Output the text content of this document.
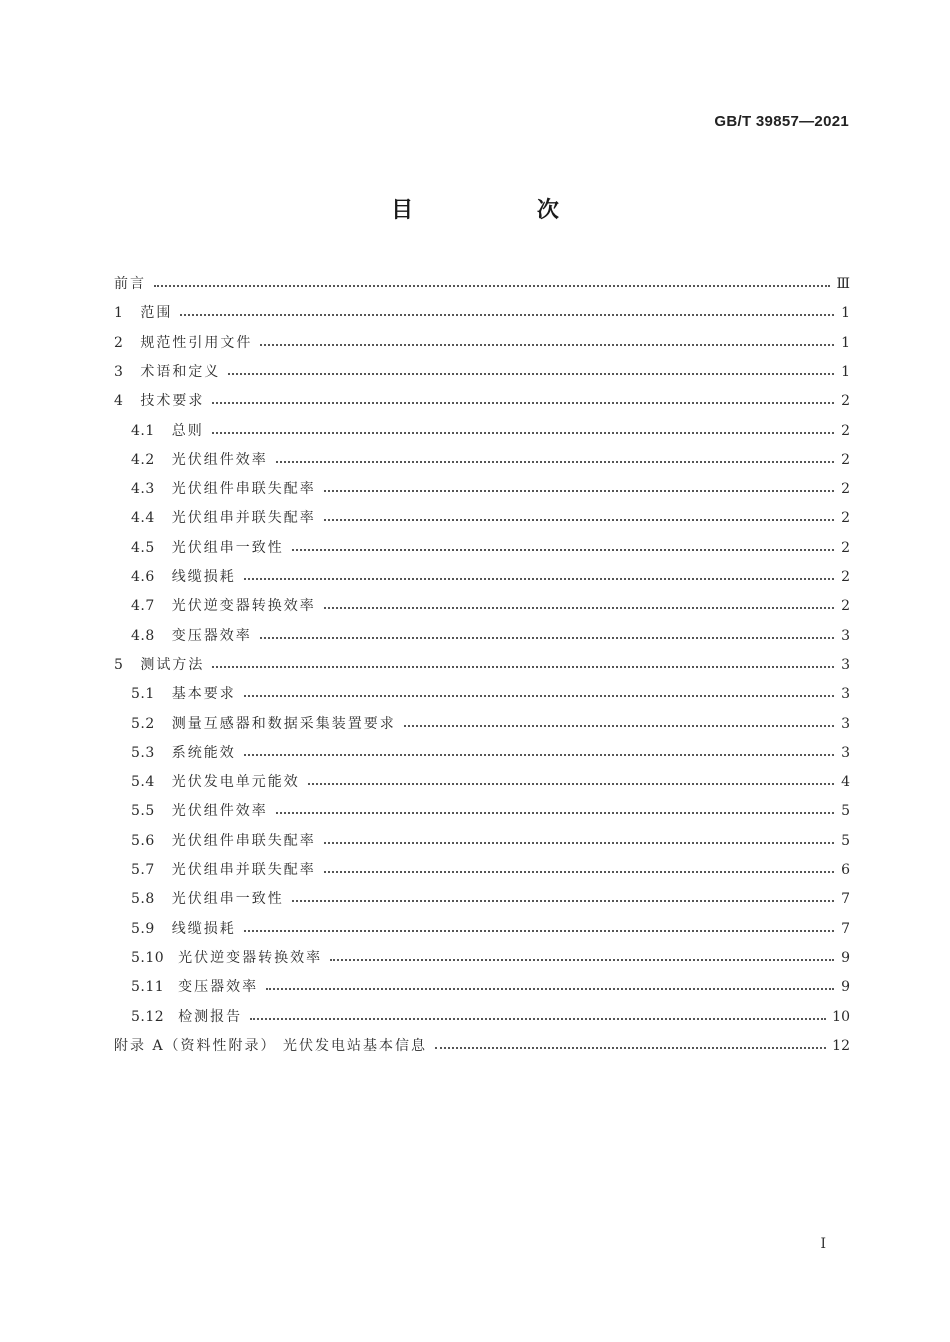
GB/T 39857—2021
目 次
前言	Ⅲ
1 范围	1
2 规范性引用文件	1
3 术语和定义	1
4 技术要求	2
4.1 总则	2
4.2 光伏组件效率	2
4.3 光伏组件串联失配率	2
4.4 光伏组串并联失配率	2
4.5 光伏组串一致性	2
4.6 线缆损耗	2
4.7 光伏逆变器转换效率	2
4.8 变压器效率	3
5 测试方法	3
5.1 基本要求	3
5.2 测量互感器和数据采集装置要求	3
5.3 系统能效	3
5.4 光伏发电单元能效	4
5.5 光伏组件效率	5
5.6 光伏组件串联失配率	5
5.7 光伏组串并联失配率	6
5.8 光伏组串一致性	7
5.9 线缆损耗	7
5.10 光伏逆变器转换效率	9
5.11 变压器效率	9
5.12 检测报告	10
附录 A（资料性附录） 光伏发电站基本信息	12
I
